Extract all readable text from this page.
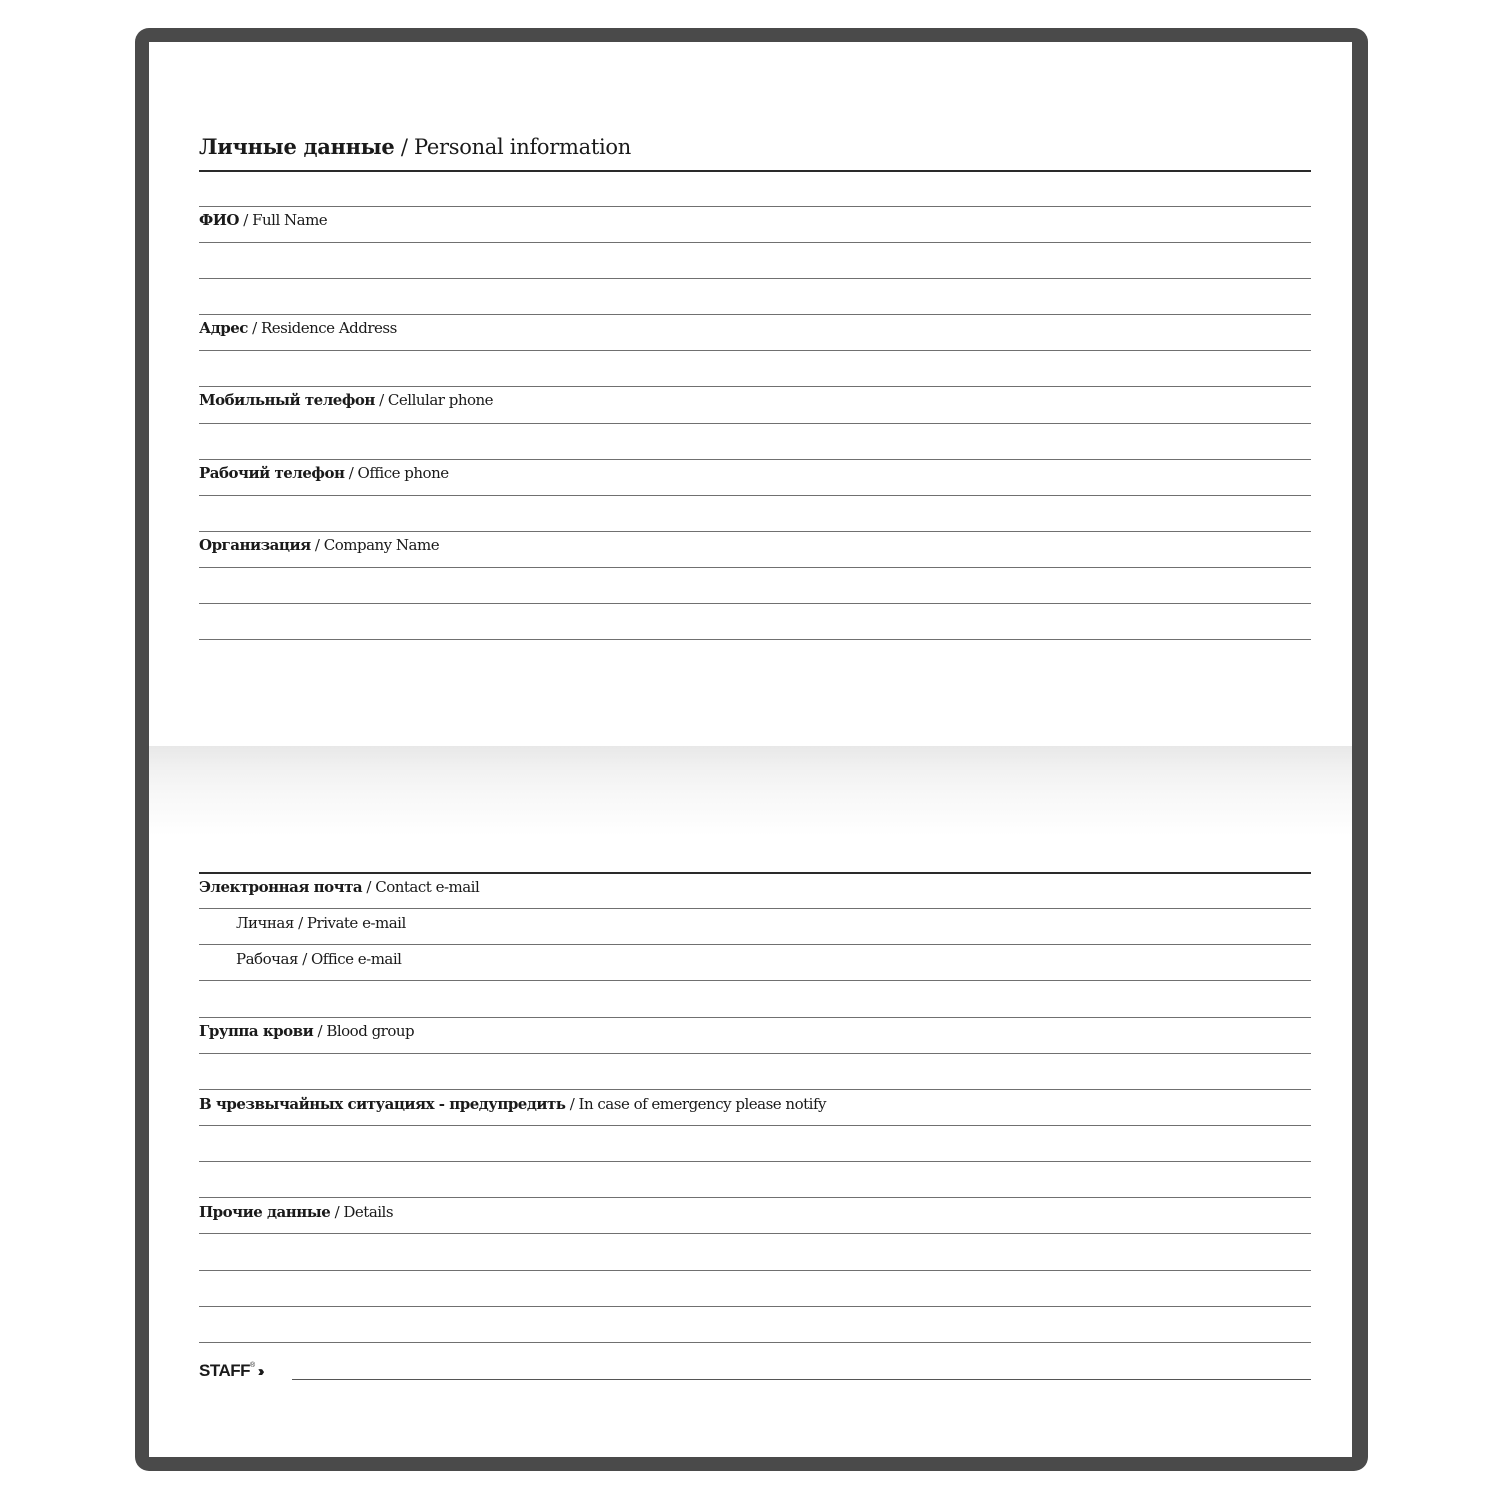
Личные данные / Personal information
ФИО / Full Name
Адрес / Residence Address
Мобильный телефон / Cellular phone
Рабочий телефон / Office phone
Организация / Company Name
Электронная почта / Contact e-mail
Личная / Private e-mail
Рабочая / Office e-mail
Группа крови / Blood group
В чрезвычайных ситуациях - предупредить / In case of emergency please notify
Прочие данные / Details
STAFF® ›››
